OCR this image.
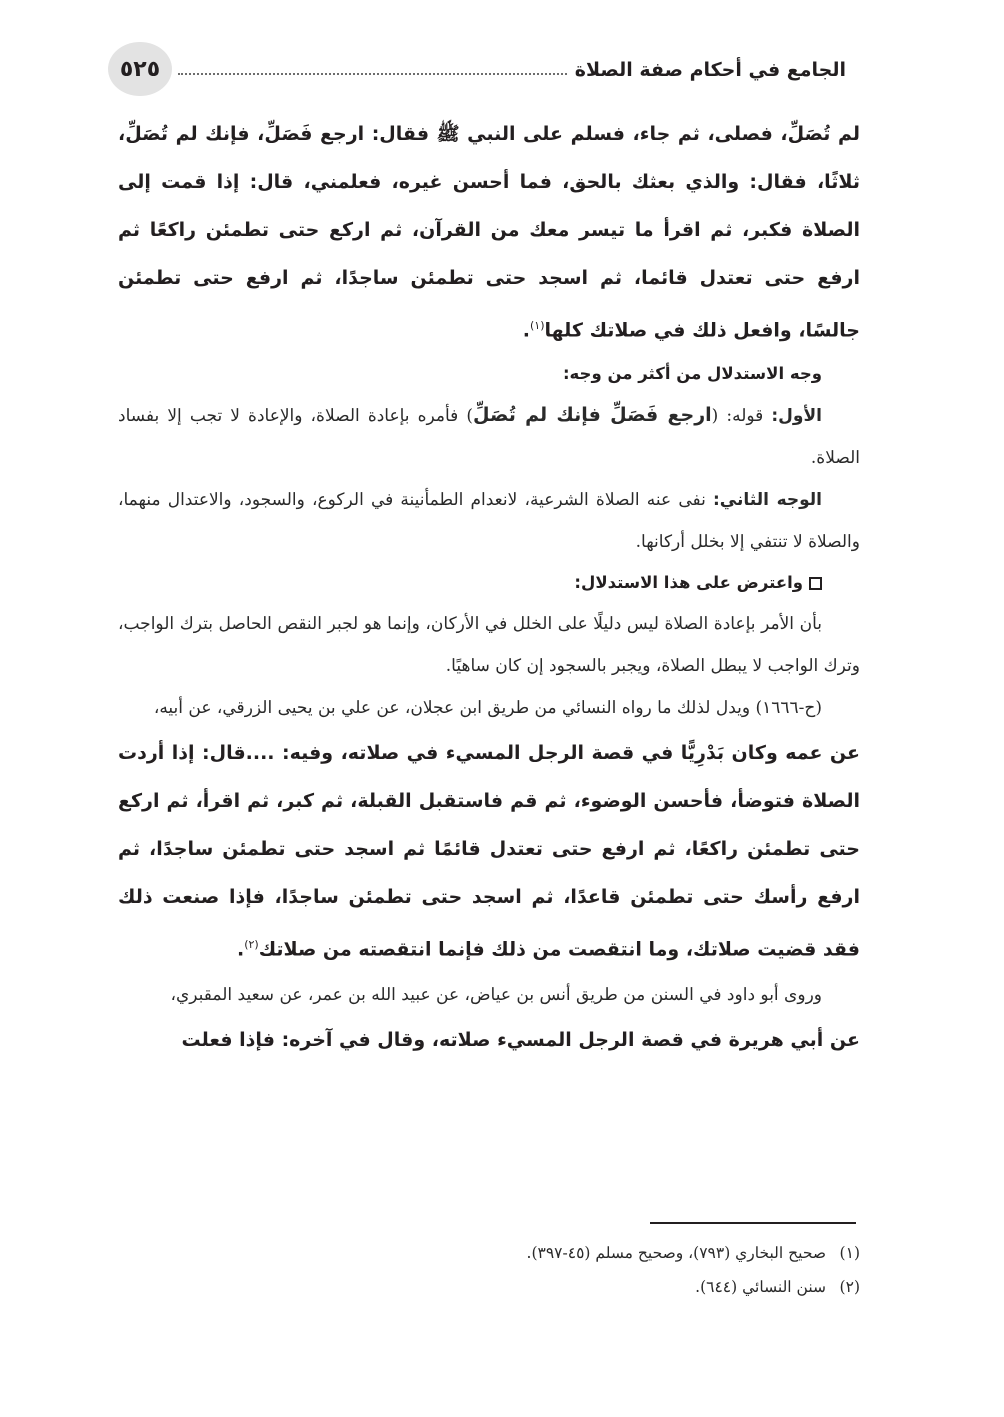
٥٢٥	الجامع في أحكام صفة الصلاة

لم تُصَلِّ، فصلى، ثم جاء، فسلم على النبي ﷺ فقال: ارجع فَصَلِّ، فإنك لم تُصَلِّ، ثلاثًا، فقال: والذي بعثك بالحق، فما أحسن غيره، فعلمني، قال: إذا قمت إلى الصلاة فكبر، ثم اقرأ ما تيسر معك من القرآن، ثم اركع حتى تطمئن راكعًا ثم ارفع حتى تعتدل قائما، ثم اسجد حتى تطمئن ساجدًا، ثم ارفع حتى تطمئن جالسًا، وافعل ذلك في صلاتك كلها$^{(١)}$.

وجه الاستدلال من أكثر من وجه:

الأول: قوله: (ارجع فَصَلِّ فإنك لم تُصَلِّ) فأمره بإعادة الصلاة، والإعادة لا تجب إلا بفساد الصلاة.

الوجه الثاني: نفى عنه الصلاة الشرعية، لانعدام الطمأنينة في الركوع، والسجود، والاعتدال منهما، والصلاة لا تنتفي إلا بخلل أركانها.

واعترض على هذا الاستدلال:

بأن الأمر بإعادة الصلاة ليس دليلًا على الخلل في الأركان، وإنما هو لجبر النقص الحاصل بترك الواجب، وترك الواجب لا يبطل الصلاة، ويجبر بالسجود إن كان ساهيًا.

(ح-١٦٦٦) ويدل لذلك ما رواه النسائي من طريق ابن عجلان، عن علي بن يحيى الزرقي، عن أبيه،

عن عمه وكان بَدْرِيًّا في قصة الرجل المسيء في صلاته، وفيه: ....قال: إذا أردت الصلاة فتوضأ، فأحسن الوضوء، ثم قم فاستقبل القبلة، ثم كبر، ثم اقرأ، ثم اركع حتى تطمئن راكعًا، ثم ارفع حتى تعتدل قائمًا ثم اسجد حتى تطمئن ساجدًا، ثم ارفع رأسك حتى تطمئن قاعدًا، ثم اسجد حتى تطمئن ساجدًا، فإذا صنعت ذلك فقد قضيت صلاتك، وما انتقصت من ذلك فإنما انتقصته من صلاتك$^{(٢)}$.

وروى أبو داود في السنن من طريق أنس بن عياض، عن عبيد الله بن عمر، عن سعيد المقبري،

عن أبي هريرة في قصة الرجل المسيء صلاته، وقال في آخره: فإذا فعلت

(١)صحيح البخاري (٧٩٣)، وصحيح مسلم (٤٥-٣٩٧).
(٢)سنن النسائي (٦٤٤).
